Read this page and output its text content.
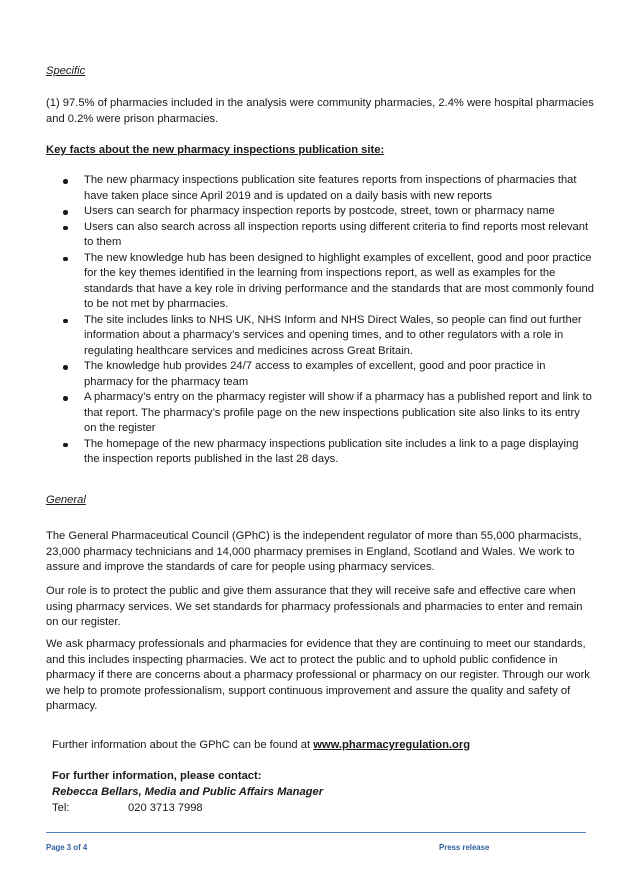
Specific
(1) 97.5% of pharmacies included in the analysis were community pharmacies, 2.4% were hospital pharmacies and 0.2% were prison pharmacies.
Key facts about the new pharmacy inspections publication site:
The new pharmacy inspections publication site features reports from inspections of pharmacies that have taken place since April 2019 and is updated on a daily basis with new reports
Users can search for pharmacy inspection reports by postcode, street, town or pharmacy name
Users can also search across all inspection reports using different criteria to find reports most relevant to them
The new knowledge hub has been designed to highlight examples of excellent, good and poor practice for the key themes identified in the learning from inspections report, as well as examples for the standards that have a key role in driving performance and the standards that are most commonly found to be not met by pharmacies.
The site includes links to NHS UK, NHS Inform and NHS Direct Wales, so people can find out further information about a pharmacy’s services and opening times, and to other regulators with a role in regulating healthcare services and medicines across Great Britain.
The knowledge hub provides 24/7 access to examples of excellent, good and poor practice in pharmacy for the pharmacy team
A pharmacy’s entry on the pharmacy register will show if a pharmacy has a published report and link to that report. The pharmacy’s profile page on the new inspections publication site also links to its entry on the register
The homepage of the new pharmacy inspections publication site includes a link to a page displaying the inspection reports published in the last 28 days.
General
The General Pharmaceutical Council (GPhC) is the independent regulator of more than 55,000 pharmacists, 23,000 pharmacy technicians and 14,000 pharmacy premises in England, Scotland and Wales. We work to assure and improve the standards of care for people using pharmacy services.
Our role is to protect the public and give them assurance that they will receive safe and effective care when using pharmacy services. We set standards for pharmacy professionals and pharmacies to enter and remain on our register.
We ask pharmacy professionals and pharmacies for evidence that they are continuing to meet our standards, and this includes inspecting pharmacies. We act to protect the public and to uphold public confidence in pharmacy if there are concerns about a pharmacy professional or pharmacy on our register. Through our work we help to promote professionalism, support continuous improvement and assure the quality and safety of pharmacy.
Further information about the GPhC can be found at www.pharmacyregulation.org
For further information, please contact:
Rebecca Bellars, Media and Public Affairs Manager
Tel:	020 3713 7998
Page 3 of 4	Press release
